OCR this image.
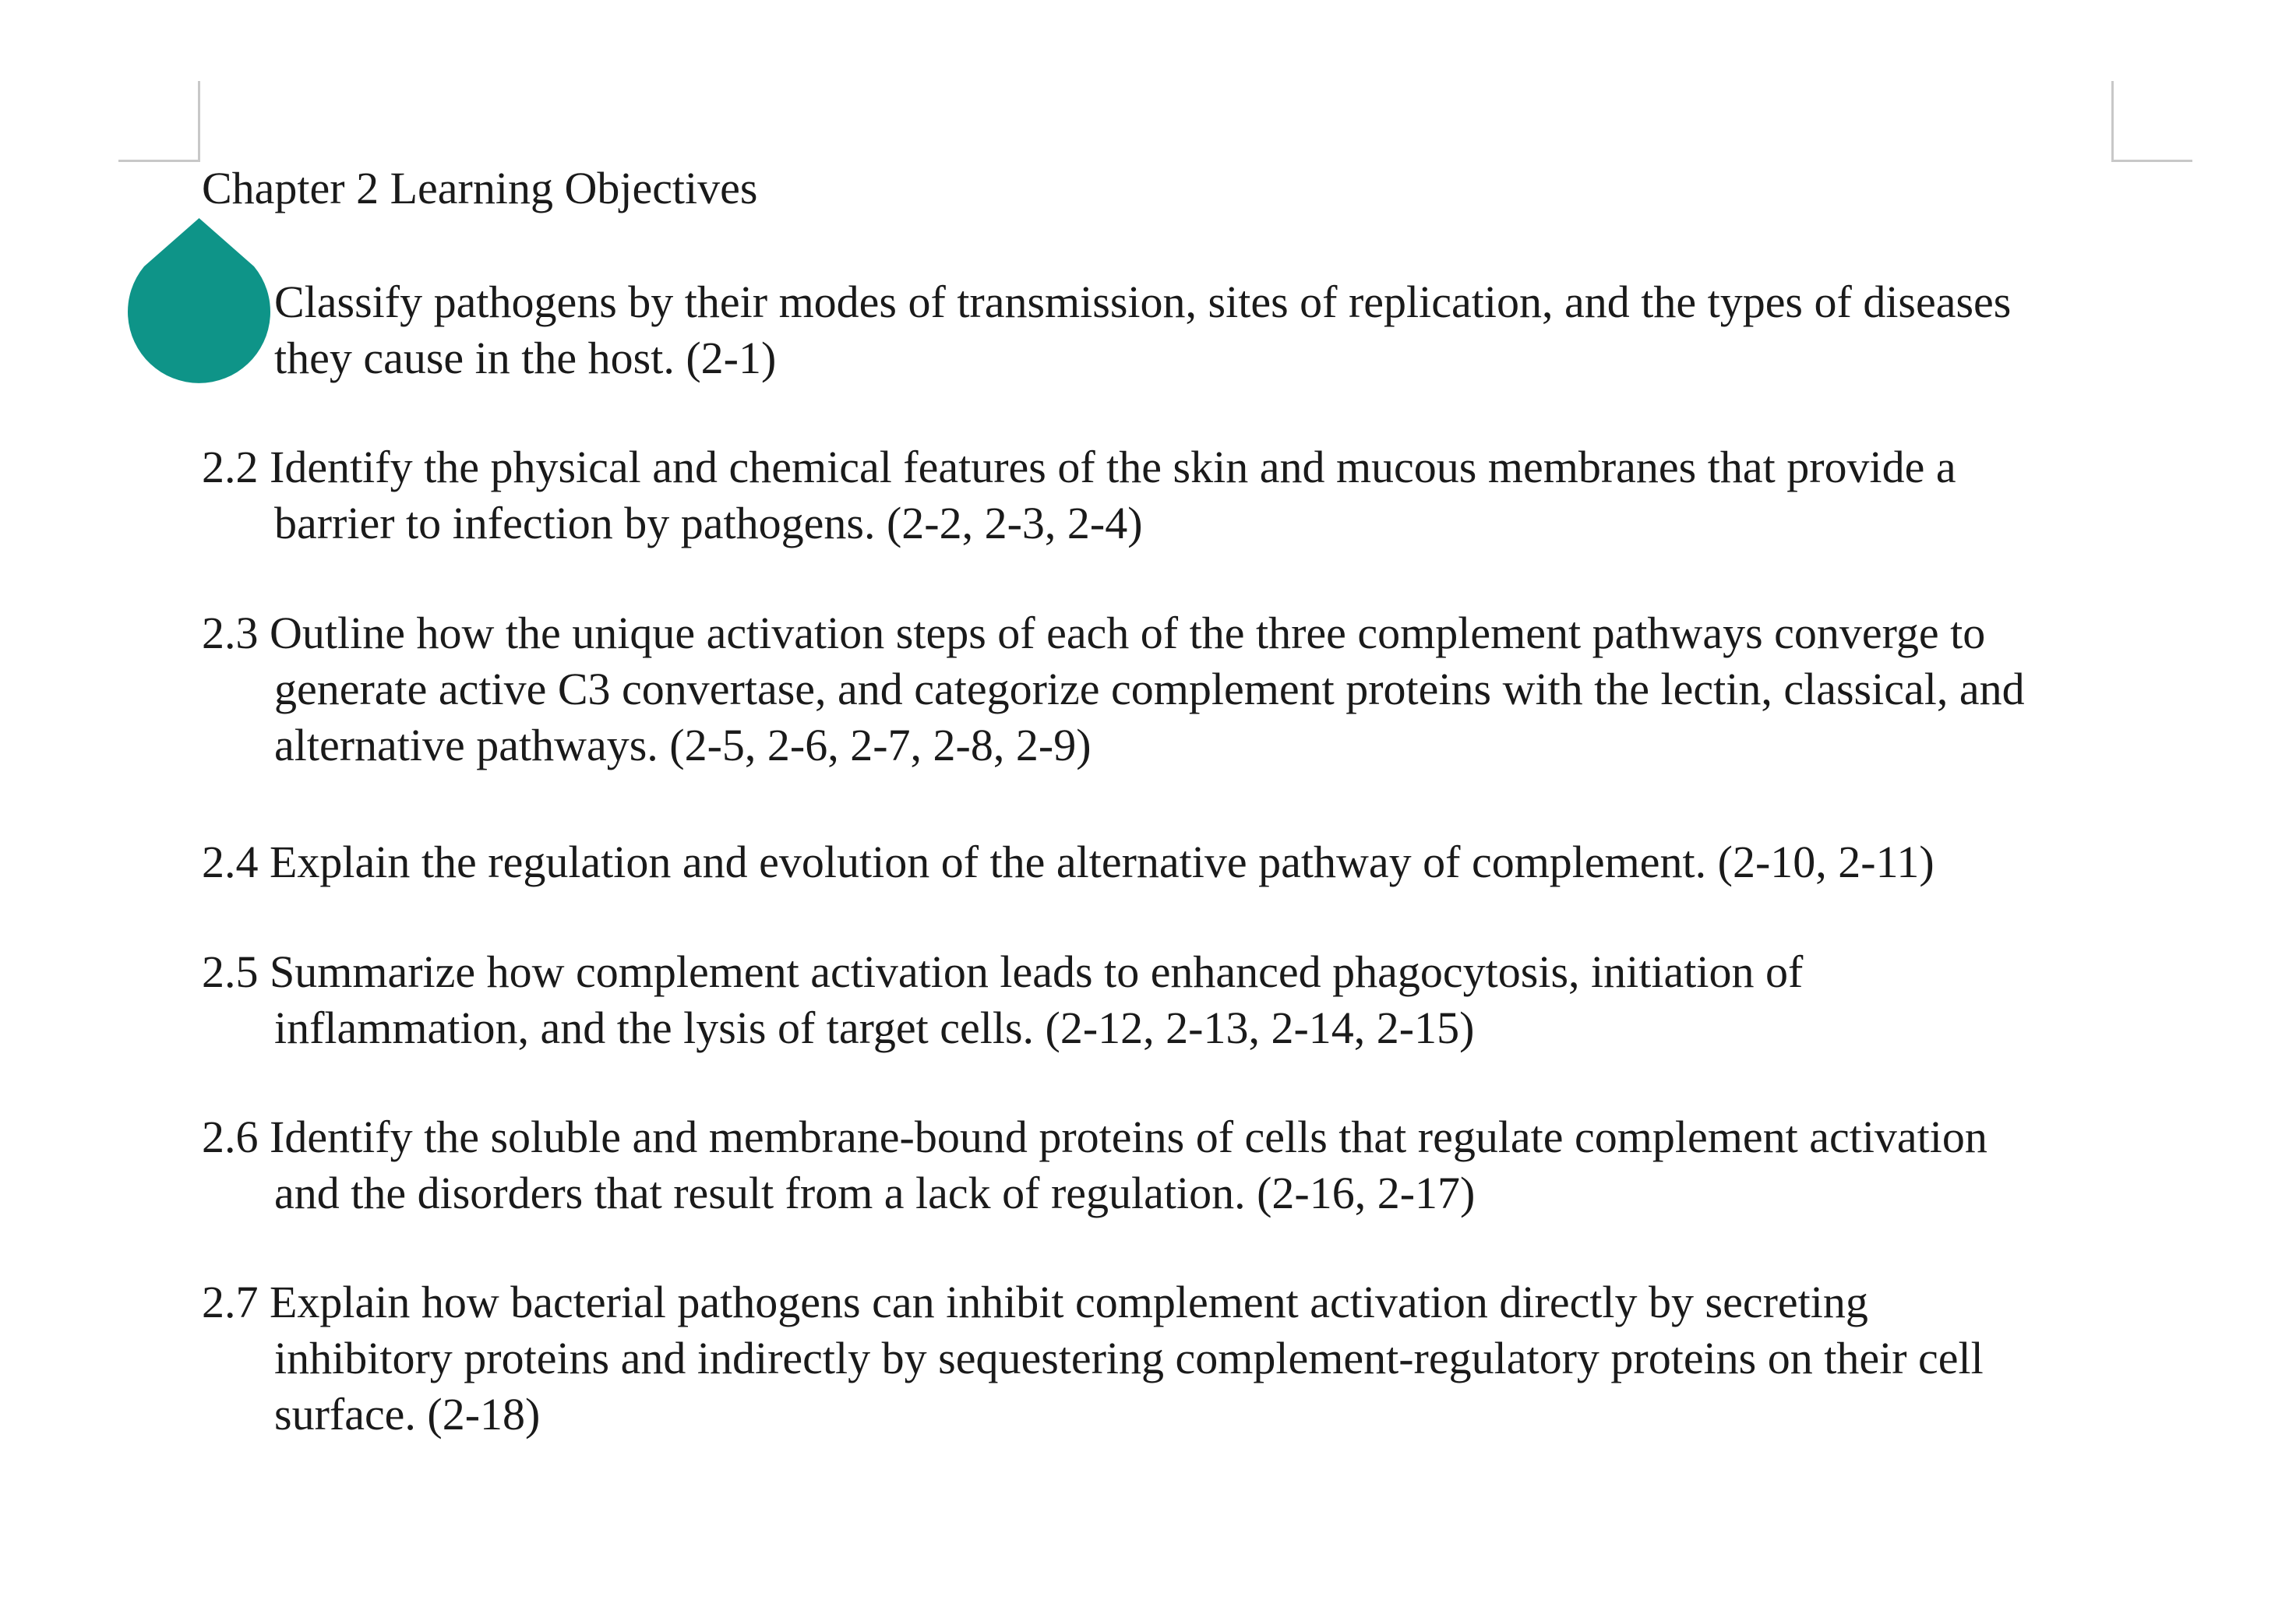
Chapter 2 Learning Objectives
Classify pathogens by their modes of transmission, sites of replication, and the types of diseases
they cause in the host. (2-1)
2.2 Identify the physical and chemical features of the skin and mucous membranes that provide a
barrier to infection by pathogens. (2-2, 2-3, 2-4)
2.3 Outline how the unique activation steps of each of the three complement pathways converge to
generate active C3 convertase, and categorize complement proteins with the lectin, classical, and
alternative pathways. (2-5, 2-6, 2-7, 2-8, 2-9)
2.4 Explain the regulation and evolution of the alternative pathway of complement. (2-10, 2-11)
2.5 Summarize how complement activation leads to enhanced phagocytosis, initiation of
inflammation, and the lysis of target cells. (2-12, 2-13, 2-14, 2-15)
2.6 Identify the soluble and membrane-bound proteins of cells that regulate complement activation
and the disorders that result from a lack of regulation. (2-16, 2-17)
2.7 Explain how bacterial pathogens can inhibit complement activation directly by secreting
inhibitory proteins and indirectly by sequestering complement-regulatory proteins on their cell
surface. (2-18)
